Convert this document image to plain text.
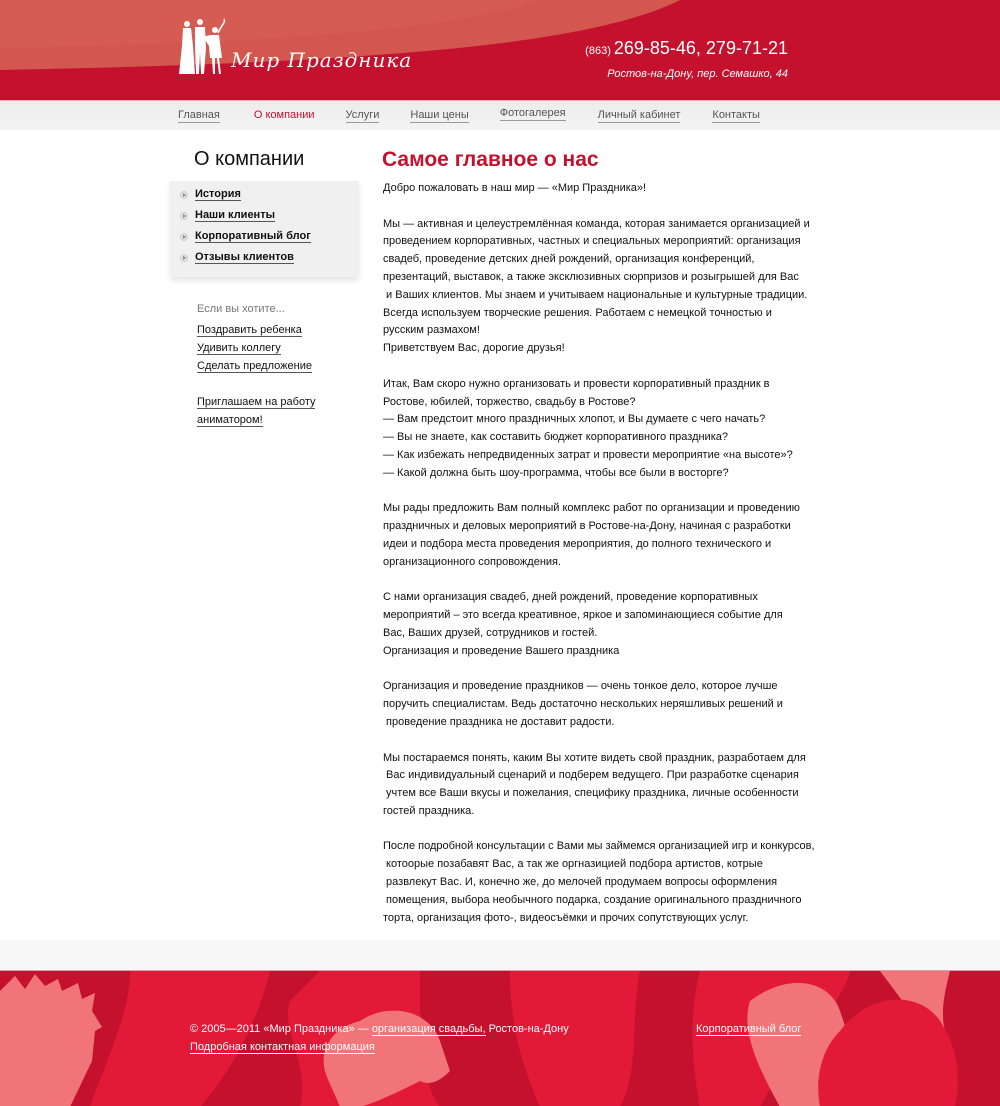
Мир Праздника	(863) 269-85-46, 279-71-21
Ростов-на-Дону, пер. Семашко, 44
Главная	О компании	Услуги	Наши цены	Фотогалерея	Личный кабинет	Контакты
О компании
История
Наши клиенты
Корпоративный блог
Отзывы клиентов
Если вы хотите...
Поздравить ребенка
Удивить коллегу
Сделать предложение
Приглашаем на работу
аниматором!
Самое главное о нас

Добро пожаловать в наш мир — «Мир Праздника»!

Мы — активная и целеустремлённая команда, которая занимается организацией и

проведением корпоративных, частных и специальных мероприятий: организация

свадеб, проведение детских дней рождений, организация конференций,

презентаций, выставок, а также эксклюзивных сюрпризов и розыгрышей для Вас

и Ваших клиентов. Мы знаем и учитываем национальные и культурные традиции.

Всегда используем творческие решения. Работаем с немецкой точностью и

русским размахом!

Приветствуем Вас, дорогие друзья!

Итак, Вам скоро нужно организовать и провести корпоративный праздник в

Ростове, юбилей, торжество, свадьбу в Ростове?

— Вам предстоит много праздничных хлопот, и Вы думаете с чего начать?

— Вы не знаете, как составить бюджет корпоративного праздника?

— Как избежать непредвиденных затрат и провести мероприятие «на высоте»?

— Какой должна быть шоу-программа, чтобы все были в восторге?

Мы рады предложить Вам полный комплекс работ по организации и проведению

праздничных и деловых мероприятий в Ростове-на-Дону, начиная с разработки

идеи и подбора места проведения мероприятия, до полного технического и

организационного сопровождения.

С нами организация свадеб, дней рождений, проведение корпоративных

мероприятий – это всегда креативное, яркое и запоминающиеся событие для

Вас, Ваших друзей, сотрудников и гостей.

Организация и проведение Вашего праздника

Организация и проведение праздников — очень тонкое дело, которое лучше

поручить специалистам. Ведь достаточно нескольких неряшливых решений и

проведение праздника не доставит радости.

Мы постараемся понять, каким Вы хотите видеть свой праздник, разработаем для

Вас индивидуальный сценарий и подберем ведущего. При разработке сценария

учтем все Ваши вкусы и пожелания, специфику праздника, личные особенности

гостей праздника.

После подробной консультации с Вами мы займемся организацией игр и конкурсов,

котоорые позабавят Вас, а так же оргназицией подбора артистов, котрые

развлекут Вас. И, конечно же, до мелочей продумаем вопросы оформления

помещения, выбора необычного подарка, создание оригинального праздничного

торта, организация фото-, видеосъёмки и прочих сопутствующих услуг.

© 2005—2011 «Мир Праздника» — организация свадьбы, Ростов-на-Дону
Подробная контактная информация
Корпоративный блог
